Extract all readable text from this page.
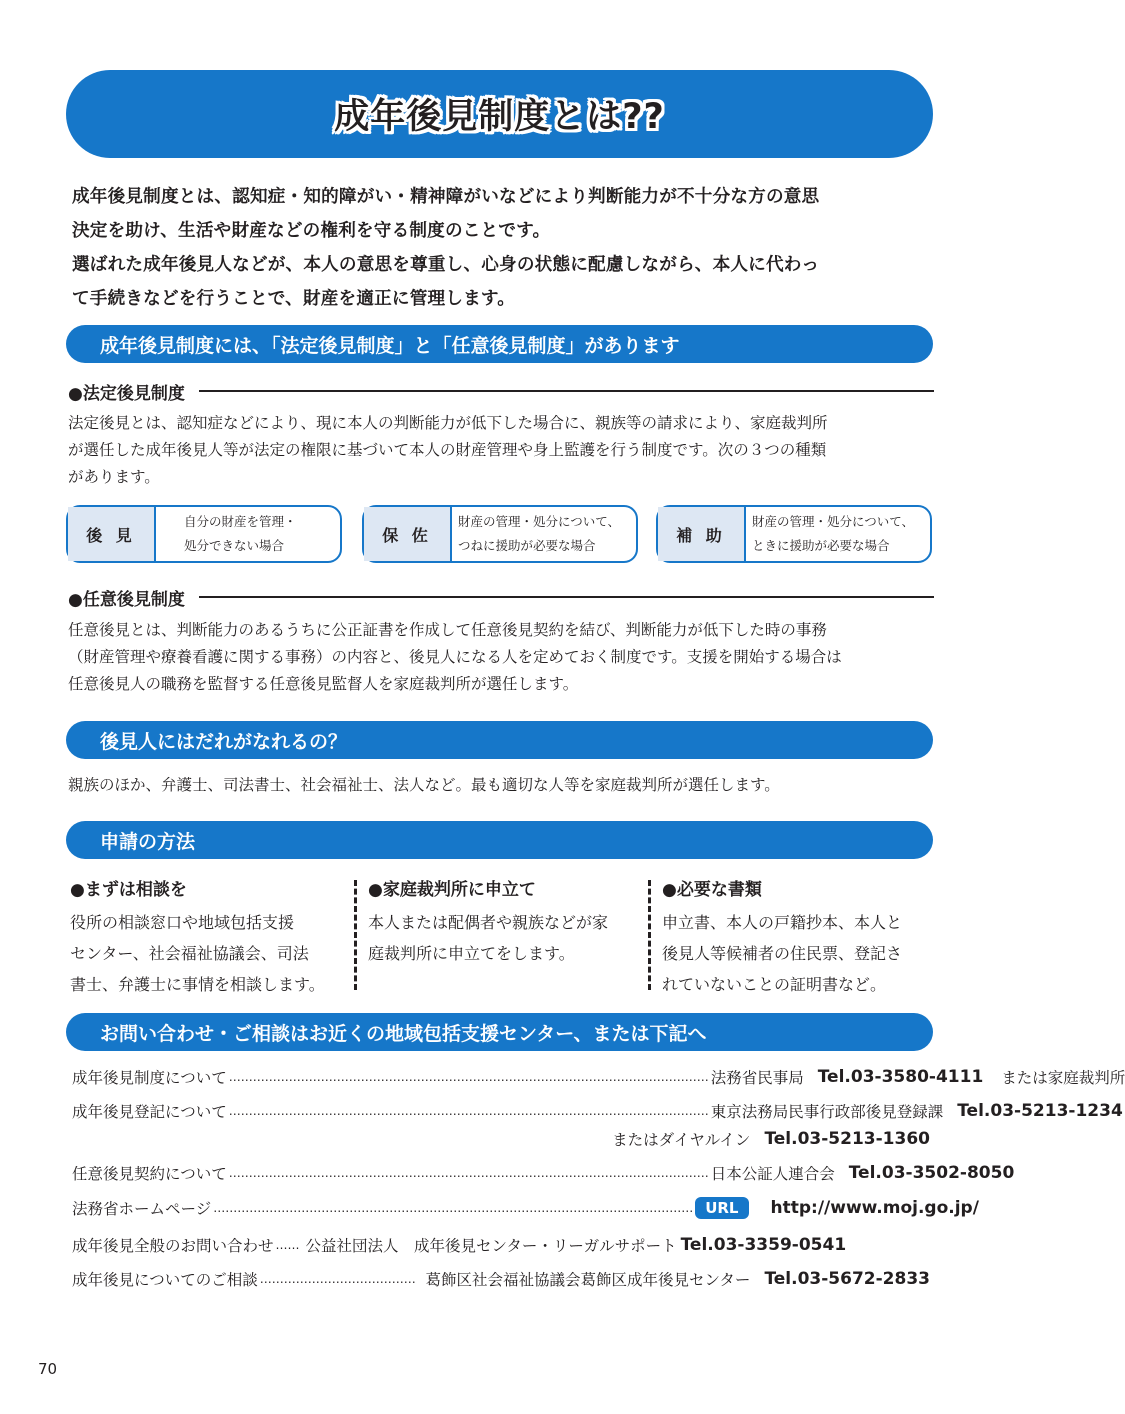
成年後見制度とは??

成年後見制度とは、認知症・知的障がい・精神障がいなどにより判断能力が不十分な方の意思

決定を助け、生活や財産などの権利を守る制度のことです。

選ばれた成年後見人などが、本人の意思を尊重し、心身の状態に配慮しながら、本人に代わっ

て手続きなどを行うことで、財産を適正に管理します。

成年後見制度には、「法定後見制度」と「任意後見制度」があります
●法定後見制度

法定後見とは、認知症などにより、現に本人の判断能力が低下した場合に、親族等の請求により、家庭裁判所

が選任した成年後見人等が法定の権限に基づいて本人の財産管理や身上監護を行う制度です。次の３つの種類

があります。

後 見
自分の財産を管理・
処分できない場合
保 佐
財産の管理・処分について、
つねに援助が必要な場合
補 助
財産の管理・処分について、
ときに援助が必要な場合
●任意後見制度

任意後見とは、判断能力のあるうちに公正証書を作成して任意後見契約を結び、判断能力が低下した時の事務

（財産管理や療養看護に関する事務）の内容と、後見人になる人を定めておく制度です。支援を開始する場合は

任意後見人の職務を監督する任意後見監督人を家庭裁判所が選任します。

後見人にはだれがなれるの？

親族のほか、弁護士、司法書士、社会福祉士、法人など。最も適切な人等を家庭裁判所が選任します。

申請の方法
●まずは相談を
役所の相談窓口や地域包括支援
センター、社会福祉協議会、司法
書士、弁護士に事情を相談します。
●家庭裁判所に申立て
本人または配偶者や親族などが家
庭裁判所に申立てをします。
●必要な書類
申立書、本人の戸籍抄本、本人と
後見人等候補者の住民票、登記さ
れていないことの証明書など。
お問い合わせ・ご相談はお近くの地域包括支援センター、または下記へ
成年後見制度について ………………………………………………………………………………………………………… 法務省民事局 Tel.03-3580-4111 または家庭裁判所
成年後見登記について ………………………………………………………………………………………………………… 東京法務局民事行政部後見登録課 Tel.03-5213-1234
またはダイヤルイン Tel.03-5213-1360
任意後見契約について ………………………………………………………………………………………………………… 日本公証人連合会 Tel.03-3502-8050
法務省ホームページ ………………………………………………………………………………………………………… URL	http://www.moj.go.jp/
成年後見全般のお問い合わせ …… 公益社団法人　成年後見センター・リーガルサポート Tel.03-3359-0541
成年後見についてのご相談 ………………………………… 葛飾区社会福祉協議会葛飾区成年後見センター Tel.03-5672-2833
70
